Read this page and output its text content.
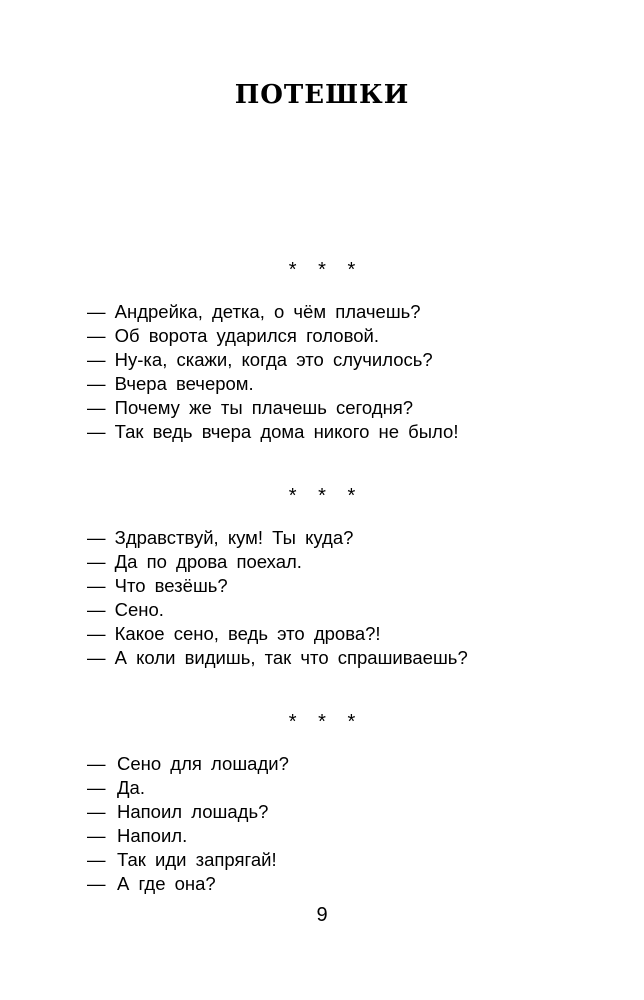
ПОТЕШКИ
* * *
— Андрейка, детка, о чём плачешь?
— Об ворота ударился головой.
— Ну-ка, скажи, когда это случилось?
— Вчера вечером.
— Почему же ты плачешь сегодня?
— Так ведь вчера дома никого не было!
* * *
— Здравствуй, кум! Ты куда?
— Да по дрова поехал.
— Что везёшь?
— Сено.
— Какое сено, ведь это дрова?!
— А коли видишь, так что спрашиваешь?
* * *
— Сено для лошади?
— Да.
— Напоил лошадь?
— Напоил.
— Так иди запрягай!
— А где она?
9
